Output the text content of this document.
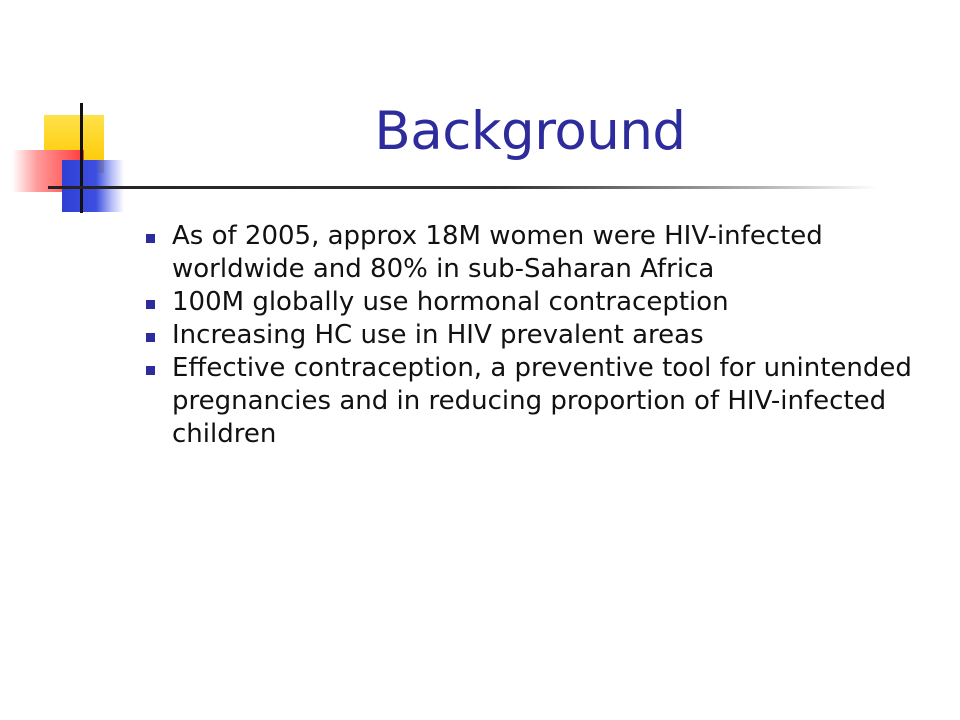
Background
As of 2005, approx 18M women were HIV-infected worldwide and 80% in sub-Saharan Africa
100M globally use hormonal contraception
Increasing HC use in HIV prevalent areas
Effective contraception, a preventive tool for unintended pregnancies and in reducing proportion of HIV-infected children
